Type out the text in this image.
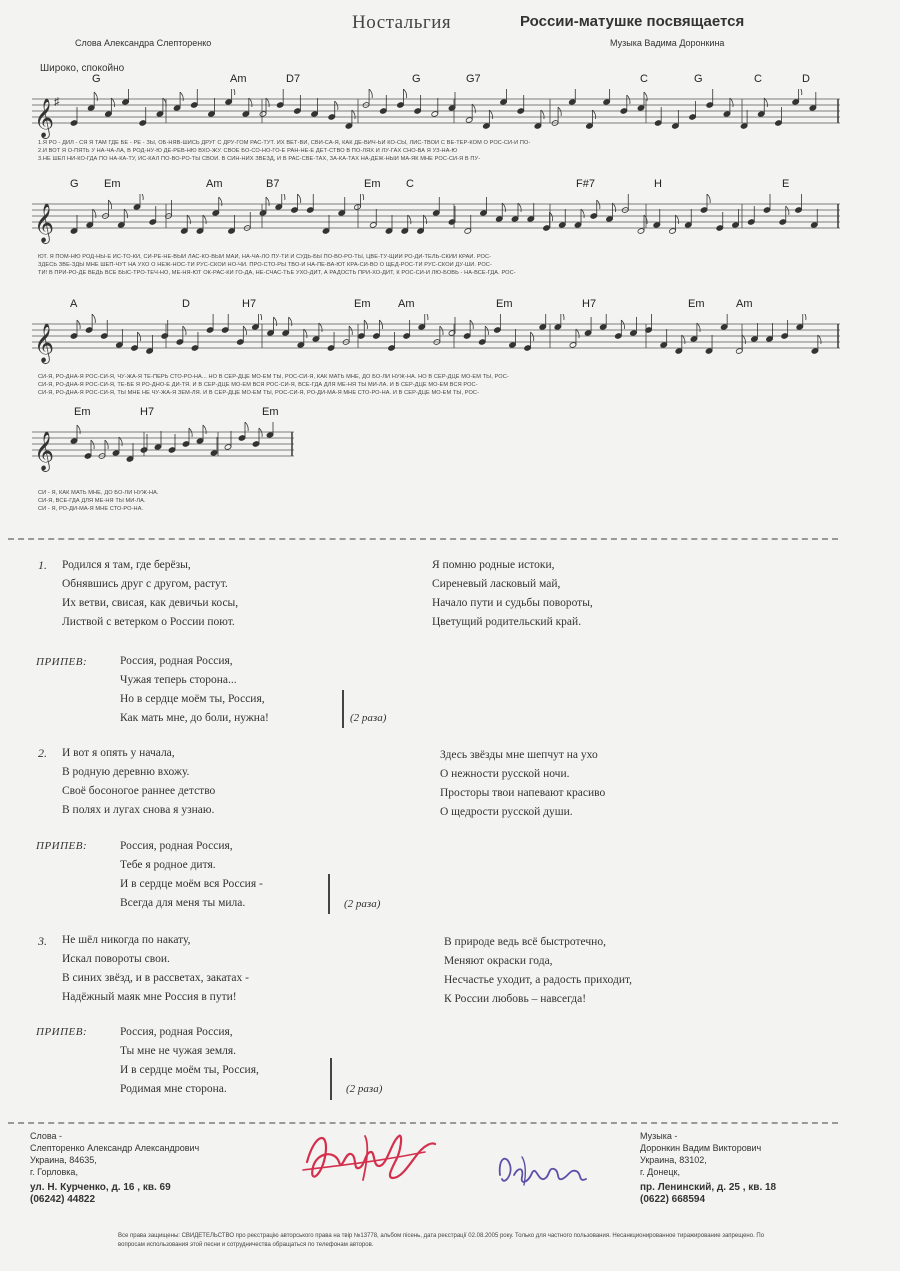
Ностальгия	России-матушке посвящается
Слова Александра Слепторенко	Музыка Вадима Доронкина
Широко, спокойно
G	Am	D7	G	G7	C	G	C	D
𝄞 ♯
1.Я РО - ДИЛ - СЯ Я ТАМ ГДЕ БЕ - РЁ - ЗЫ, ОБ-НЯВ-ШИСЬ ДРУГ С ДРУ-ГОМ РАС-ТУТ. ИХ ВЕТ-ВИ, СВИ-СА-Я, КАК ДЕ-ВИЧ-ЬИ КО-СЫ, ЛИС-ТВОЙ С ВЕ-ТЕР-КОМ О РОС-СИ-И ПО-
2.И ВОТ Я О-ПЯТЬ У НА-ЧА-ЛА, В РОД-НУ-Ю ДЕ-РЕВ-НЮ ВХО-ЖУ. СВОЁ БО-СО-НО-ГО-Е РАН-НЕ-Е ДЕТ-СТВО В ПО-ЛЯХ И ЛУ-ГАХ СНО-ВА Я УЗ-НА-Ю
3.НЕ ШЁЛ НИ-КО-ГДА ПО НА-КА-ТУ, ИС-КАЛ ПО-ВО-РО-ТЫ СВОИ. В СИН-НИХ ЗВЁЗД, И В РАС-СВЕ-ТАХ, ЗА-КА-ТАХ НА-ДЁЖ-НЫЙ МА-ЯК МНЕ РОС-СИ-Я В ПУ-
G Em	Am	B7	Em C	F#7	H	E
𝄞
ЮТ. Я ПОМ-НЮ РОД-НЫ-Е ИС-ТО-КИ, СИ-РЕ-НЕ-ВЫЙ ЛАС-КО-ВЫЙ МАЙ, НА-ЧА-ЛО ПУ-ТИ И СУДЬ-БЫ ПО-ВО-РО-ТЫ, ЦВЕ-ТУ-ЩИЙ РО-ДИ-ТЕЛЬ-СКИЙ КРАЙ. РОС-
ЗДЕСЬ ЗВЁ-ЗДЫ МНЕ ШЕП-ЧУТ НА УХО О НЕЖ-НОС-ТИ РУС-СКОЙ НО-ЧИ. ПРО-СТО-РЫ ТВО-И НА-ПЕ-ВА-ЮТ КРА-СИ-ВО О ЩЕД-РОС-ТИ РУС-СКОЙ ДУ-ШИ. РОС-
ТИ! В ПРИ-РО-ДЕ ВЕДЬ ВСЁ БЫС-ТРО-ТЕЧ-НО, МЕ-НЯ-ЮТ ОК-РАС-КИ ГО-ДА, НЕ-СЧАС-ТЬЕ УХО-ДИТ, А РАДОСТЬ ПРИ-ХО-ДИТ, К РОС-СИ-И ЛЮ-БОВЬ - НА-ВСЕ-ГДА. РОС-
A	D	H7	Em	Am	Em	H7	Em	Am
𝄞
СИ-Я, РО-ДНА-Я РОС-СИ-Я, ЧУ-ЖА-Я ТЕ-ПЕРЬ СТО-РО-НА... НО В СЕР-ДЦЕ МО-ЁМ ТЫ, РОС-СИ-Я, КАК МАТЬ МНЕ, ДО БО-ЛИ НУЖ-НА. НО В СЕР-ДЦЕ МО-ЁМ ТЫ, РОС-
СИ-Я, РО-ДНА-Я РОС-СИ-Я, ТЕ-БЕ Я РО-ДНО-Е ДИ-ТЯ. И В СЕР-ДЦЕ МО-ЁМ ВСЯ РОС-СИ-Я, ВСЕ-ГДА ДЛЯ МЕ-НЯ ТЫ МИ-ЛА. И В СЕР-ДЦЕ МО-ЁМ ВСЯ РОС-
СИ-Я, РО-ДНА-Я РОС-СИ-Я, ТЫ МНЕ НЕ ЧУ-ЖА-Я ЗЕМ-ЛЯ. И В СЕР-ДЦЕ МО-ЁМ ТЫ, РОС-СИ-Я, РО-ДИ-МА-Я МНЕ СТО-РО-НА. И В СЕР-ДЦЕ МО-ЁМ ТЫ, РОС-
Em	H7	Em
𝄞
СИ - Я, КАК МАТЬ МНЕ, ДО БО-ЛИ НУЖ-НА.
СИ-Я, ВСЕ-ГДА ДЛЯ МЕ-НЯ ТЫ МИ-ЛА.
СИ - Я, РО-ДИ-МА-Я МНЕ СТО-РО-НА.
1. Родился я там, где берёзы,
Обнявшись друг с другом, растут.
Их ветви, свисая, как девичьи косы,
Листвой с ветерком о России поют.
Я помню родные истоки,
Сиреневый ласковый май,
Начало пути и судьбы повороты,
Цветущий родительский край.
ПРИПЕВ:	Россия, родная Россия,
Чужая теперь сторона...
Но в сердце моём ты, Россия,
Как мать мне, до боли, нужна!	(2 раза)
2. И вот я опять у начала,
В родную деревню вхожу.
Своё босоногое раннее детство
В полях и лугах снова я узнаю.
Здесь звёзды мне шепчут на ухо
О нежности русской ночи.
Просторы твои напевают красиво
О щедрости русской души.
ПРИПЕВ:	Россия, родная Россия,
Тебе я родное дитя.
И в сердце моём вся Россия -
Всегда для меня ты мила.	(2 раза)
3. Не шёл никогда по накату,
Искал повороты свои.
В синих звёзд, и в рассветах, закатах -
Надёжный маяк мне Россия в пути!
В природе ведь всё быстротечно,
Меняют окраски года,
Несчастье уходит, а радость приходит,
К России любовь – навсегда!
ПРИПЕВ:	Россия, родная Россия,
Ты мне не чужая земля.
И в сердце моём ты, Россия,
Родимая мне сторона.	(2 раза)
Слова -
Слепторенко Александр Александрович
Украина, 84635,
г. Горловка,
ул. Н. Курченко, д. 16 , кв. 69
(06242) 44822
Музыка -
Доронкин Вадим Викторович
Украина, 83102,
г. Донецк,
пр. Ленинский, д. 25 , кв. 18
(0622) 668594
Все права защищены: СВИДЕТЕЛЬСТВО про реєстрацію авторського права на твір №13778, альбом пісень, дата реєстрації 02.08.2005 року. Только для частного пользования. Несанкционированное тиражирование запрещено. По вопросам использования этой песни и сотрудничества обращаться по телефонам авторов.
